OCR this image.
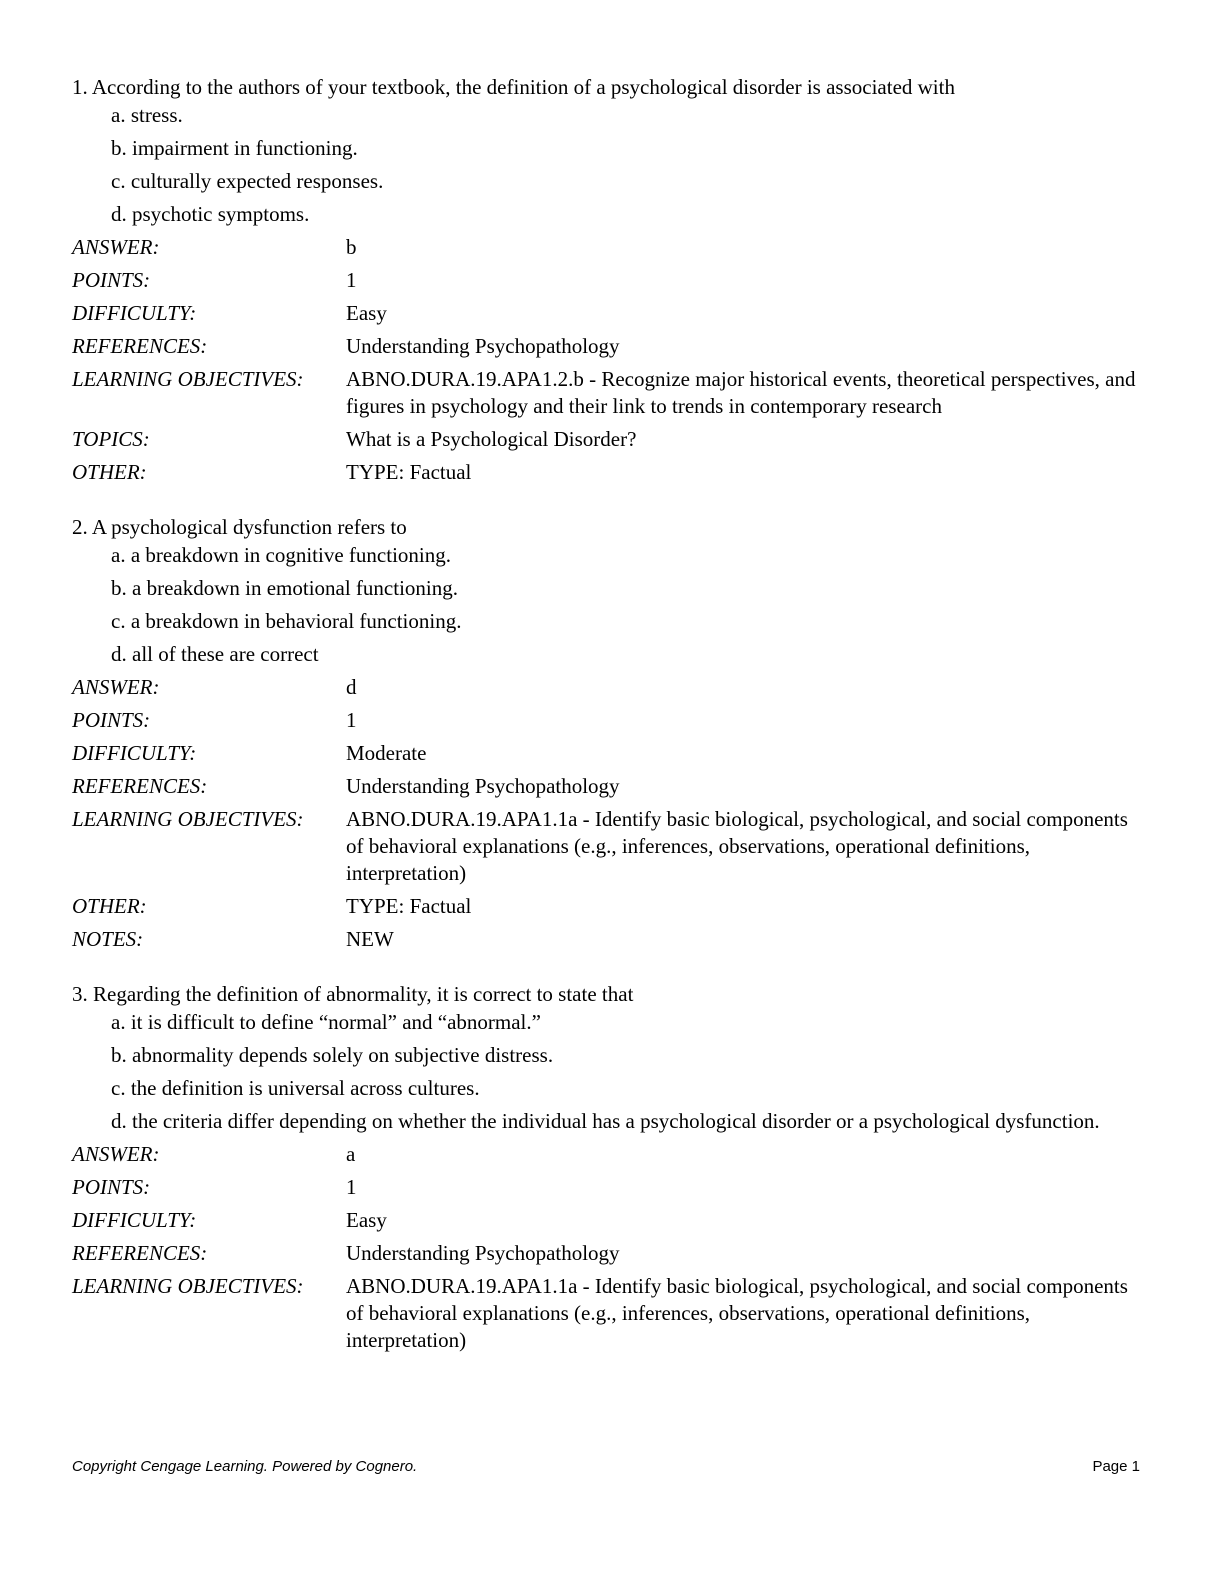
1. According to the authors of your textbook, the definition of a psychological disorder is associated with

a. stress.
b. impairment in functioning.
c. culturally expected responses.
d. psychotic symptoms.
ANSWER:	b
POINTS:	1
DIFFICULTY:	Easy
REFERENCES:	Understanding Psychopathology
LEARNING OBJECTIVES:	ABNO.DURA.19.APA1.2.b - Recognize major historical events, theoretical perspectives, and figures in psychology and their link to trends in contemporary research
TOPICS:	What is a Psychological Disorder?
OTHER:	TYPE: Factual

2. A psychological dysfunction refers to

a. a breakdown in cognitive functioning.
b. a breakdown in emotional functioning.
c. a breakdown in behavioral functioning.
d. all of these are correct
ANSWER:	d
POINTS:	1
DIFFICULTY:	Moderate
REFERENCES:	Understanding Psychopathology
LEARNING OBJECTIVES:	ABNO.DURA.19.APA1.1a - Identify basic biological, psychological, and social components of behavioral explanations (e.g., inferences, observations, operational definitions, interpretation)
OTHER:	TYPE: Factual
NOTES:	NEW

3. Regarding the definition of abnormality, it is correct to state that

a. it is difficult to define “normal” and “abnormal.”
b. abnormality depends solely on subjective distress.
c. the definition is universal across cultures.
d. the criteria differ depending on whether the individual has a psychological disorder or a psychological dysfunction.
ANSWER:	a
POINTS:	1
DIFFICULTY:	Easy
REFERENCES:	Understanding Psychopathology
LEARNING OBJECTIVES:	ABNO.DURA.19.APA1.1a - Identify basic biological, psychological, and social components of behavioral explanations (e.g., inferences, observations, operational definitions, interpretation)
Copyright Cengage Learning. Powered by Cognero.	Page 1
